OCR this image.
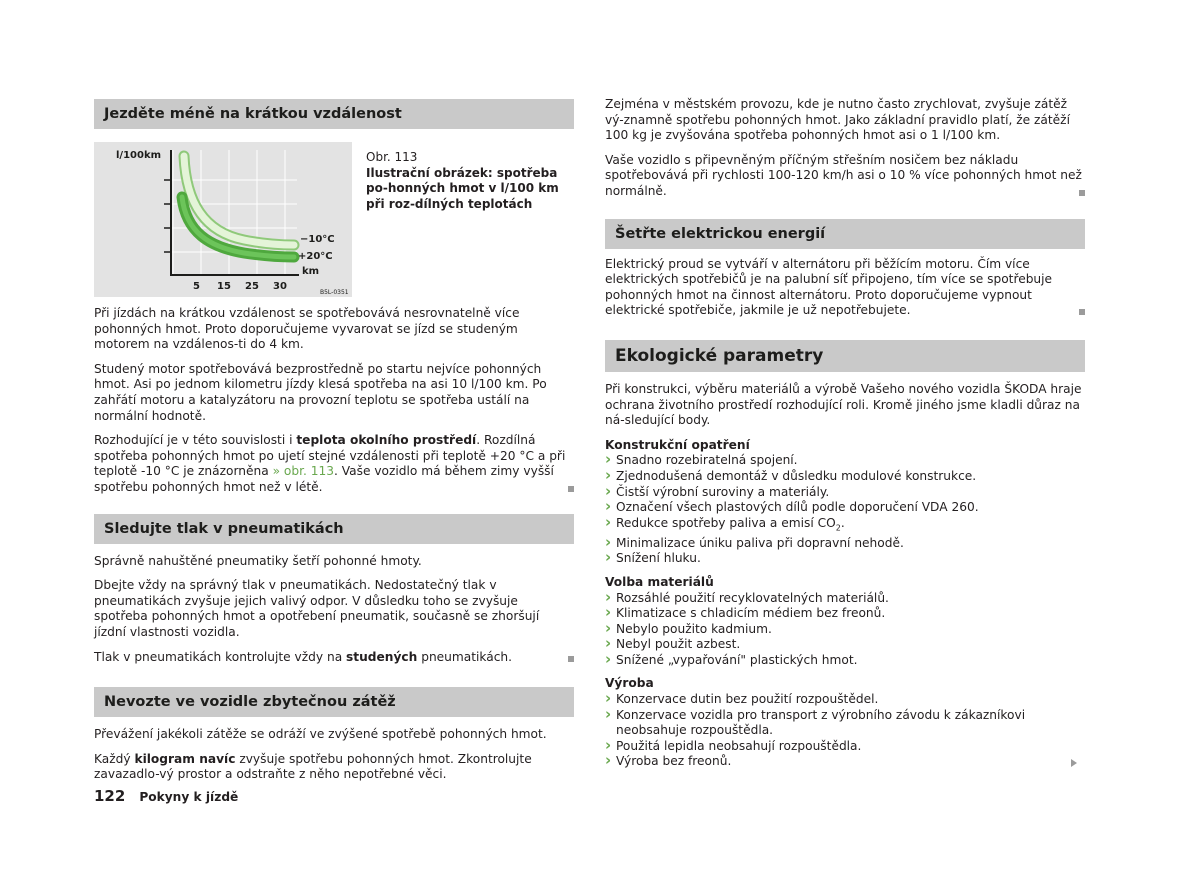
Jezděte méně na krátkou vzdálenost
l/100km
5 15 25 30
−10°C
+20°C
km
B5L-0351
Obr. 113
Ilustrační obrázek: spotřeba po-honných hmot v l/100 km při roz-dílných teplotách

Při jízdách na krátkou vzdálenost se spotřebovává nesrovnatelně více pohonných hmot. Proto doporučujeme vyvarovat se jízd se studeným motorem na vzdálenos-ti do 4 km.

Studený motor spotřebovává bezprostředně po startu nejvíce pohonných hmot. Asi po jednom kilometru jízdy klesá spotřeba na asi 10 l/100 km. Po zahřátí motoru a katalyzátoru na provozní teplotu se spotřeba ustálí na normální hodnotě.

Rozhodující je v této souvislosti i teplota okolního prostředí. Rozdílná spotřeba pohonných hmot po ujetí stejné vzdálenosti při teplotě +20 °C a při teplotě -10 °C je znázorněna » obr. 113. Vaše vozidlo má během zimy vyšší spotřebu pohonných hmot než v létě.

Sledujte tlak v pneumatikách

Správně nahuštěné pneumatiky šetří pohonné hmoty.

Dbejte vždy na správný tlak v pneumatikách. Nedostatečný tlak v pneumatikách zvyšuje jejich valivý odpor. V důsledku toho se zvyšuje spotřeba pohonných hmot a opotřebení pneumatik, současně se zhoršují jízdní vlastnosti vozidla.

Tlak v pneumatikách kontrolujte vždy na studených pneumatikách.

Nevozte ve vozidle zbytečnou zátěž

Převážení jakékoli zátěže se odráží ve zvýšené spotřebě pohonných hmot.

Každý kilogram navíc zvyšuje spotřebu pohonných hmot. Zkontrolujte zavazadlo-vý prostor a odstraňte z něho nepotřebné věci.

Zejména v městském provozu, kde je nutno často zrychlovat, zvyšuje zátěž vý-znamně spotřebu pohonných hmot. Jako základní pravidlo platí, že zátěží 100 kg je zvyšována spotřeba pohonných hmot asi o 1 l/100 km.

Vaše vozidlo s připevněným příčným střešním nosičem bez nákladu spotřebovává při rychlosti 100-120 km/h asi o 10 % více pohonných hmot než normálně.

Šetřte elektrickou energií

Elektrický proud se vytváří v alternátoru při běžícím motoru. Čím více elektrických spotřebičů je na palubní síť připojeno, tím více se spotřebuje pohonných hmot na činnost alternátoru. Proto doporučujeme vypnout elektrické spotřebiče, jakmile je už nepotřebujete.

Ekologické parametry

Při konstrukci, výběru materiálů a výrobě Vašeho nového vozidla ŠKODA hraje ochrana životního prostředí rozhodující roli. Kromě jiného jsme kladli důraz na ná-sledující body.

Konstrukční opatření
› Snadno rozebiratelná spojení.
› Zjednodušená demontáž v důsledku modulové konstrukce.
› Čistší výrobní suroviny a materiály.
› Označení všech plastových dílů podle doporučení VDA 260.
› Redukce spotřeby paliva a emisí $CO_2$.
› Minimalizace úniku paliva při dopravní nehodě.
› Snížení hluku.
Volba materiálů
› Rozsáhlé použití recyklovatelných materiálů.
› Klimatizace s chladicím médiem bez freonů.
› Nebylo použito kadmium.
› Nebyl použit azbest.
› Snížené „vypařování" plastických hmot.
Výroba
› Konzervace dutin bez použití rozpouštědel.
› Konzervace vozidla pro transport z výrobního závodu k zákazníkovi neobsahuje rozpouštědla.
› Použitá lepidla neobsahují rozpouštědla.
› Výroba bez freonů.
122 Pokyny k jízdě
